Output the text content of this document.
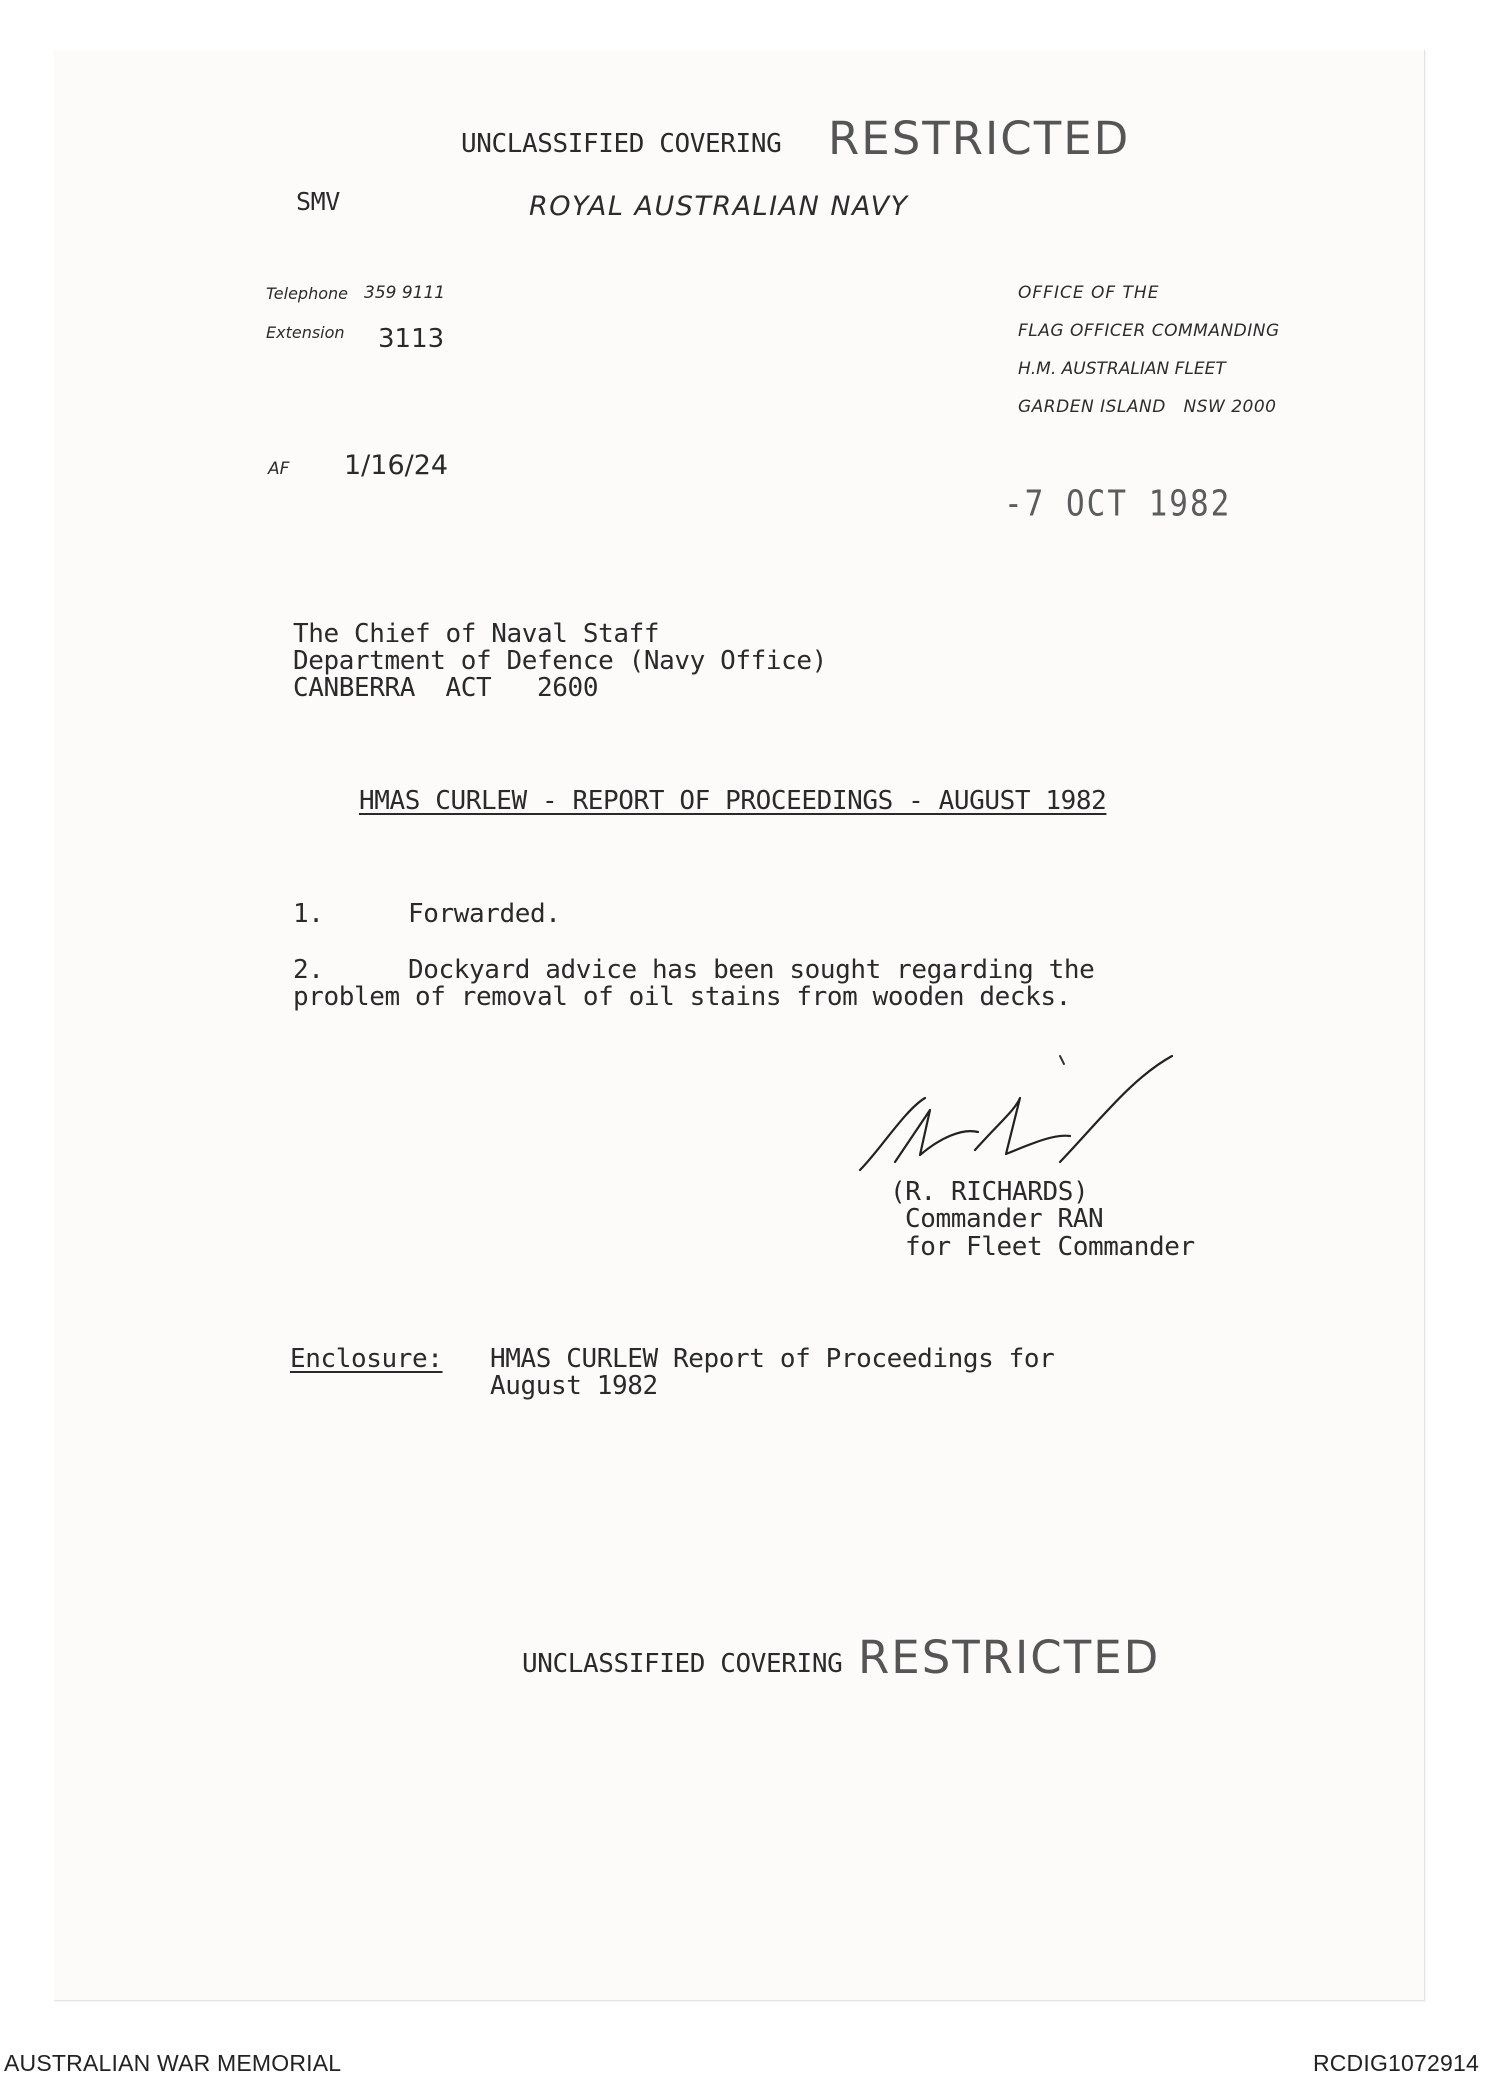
UNCLASSIFIED COVERING RESTRICTED
SMV	ROYAL AUSTRALIAN NAVY
Telephone 359 9111
Extension 3113
AF 1/16/24
OFFICE OF THE
FLAG OFFICER COMMANDING
H.M. AUSTRALIAN FLEET
GARDEN ISLAND   NSW 2000
-7 OCT 1982
The Chief of Naval Staff
Department of Defence (Navy Office)
CANBERRA  ACT   2600
HMAS CURLEW - REPORT OF PROCEEDINGS - AUGUST 1982
1.	Forwarded.
2.	Dockyard advice has been sought regarding the
problem of removal of oil stains from wooden decks.
(R. RICHARDS)
Commander RAN
for Fleet Commander
Enclosure: HMAS CURLEW Report of Proceedings for
August 1982
UNCLASSIFIED COVERING RESTRICTED
AUSTRALIAN WAR MEMORIAL	RCDIG1072914
